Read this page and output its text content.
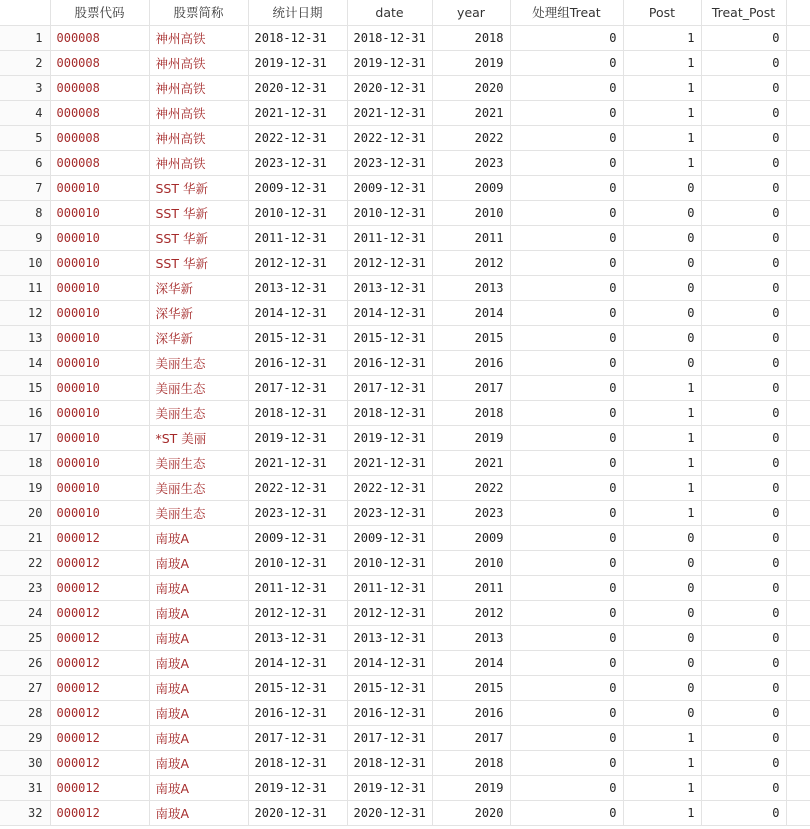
	股票代码	股票简称	统计日期	date	year	处理组Treat	Post	Treat_Post	
1	000008	神州高铁	2018-12-31	2018-12-31	2018	0	1	0	
2	000008	神州高铁	2019-12-31	2019-12-31	2019	0	1	0	
3	000008	神州高铁	2020-12-31	2020-12-31	2020	0	1	0	
4	000008	神州高铁	2021-12-31	2021-12-31	2021	0	1	0	
5	000008	神州高铁	2022-12-31	2022-12-31	2022	0	1	0	
6	000008	神州高铁	2023-12-31	2023-12-31	2023	0	1	0	
7	000010	SST 华新	2009-12-31	2009-12-31	2009	0	0	0	
8	000010	SST 华新	2010-12-31	2010-12-31	2010	0	0	0	
9	000010	SST 华新	2011-12-31	2011-12-31	2011	0	0	0	
10	000010	SST 华新	2012-12-31	2012-12-31	2012	0	0	0	
11	000010	深华新	2013-12-31	2013-12-31	2013	0	0	0	
12	000010	深华新	2014-12-31	2014-12-31	2014	0	0	0	
13	000010	深华新	2015-12-31	2015-12-31	2015	0	0	0	
14	000010	美丽生态	2016-12-31	2016-12-31	2016	0	0	0	
15	000010	美丽生态	2017-12-31	2017-12-31	2017	0	1	0	
16	000010	美丽生态	2018-12-31	2018-12-31	2018	0	1	0	
17	000010	*ST 美丽	2019-12-31	2019-12-31	2019	0	1	0	
18	000010	美丽生态	2021-12-31	2021-12-31	2021	0	1	0	
19	000010	美丽生态	2022-12-31	2022-12-31	2022	0	1	0	
20	000010	美丽生态	2023-12-31	2023-12-31	2023	0	1	0	
21	000012	南玻A	2009-12-31	2009-12-31	2009	0	0	0	
22	000012	南玻A	2010-12-31	2010-12-31	2010	0	0	0	
23	000012	南玻A	2011-12-31	2011-12-31	2011	0	0	0	
24	000012	南玻A	2012-12-31	2012-12-31	2012	0	0	0	
25	000012	南玻A	2013-12-31	2013-12-31	2013	0	0	0	
26	000012	南玻A	2014-12-31	2014-12-31	2014	0	0	0	
27	000012	南玻A	2015-12-31	2015-12-31	2015	0	0	0	
28	000012	南玻A	2016-12-31	2016-12-31	2016	0	0	0	
29	000012	南玻A	2017-12-31	2017-12-31	2017	0	1	0	
30	000012	南玻A	2018-12-31	2018-12-31	2018	0	1	0	
31	000012	南玻A	2019-12-31	2019-12-31	2019	0	1	0	
32	000012	南玻A	2020-12-31	2020-12-31	2020	0	1	0	
